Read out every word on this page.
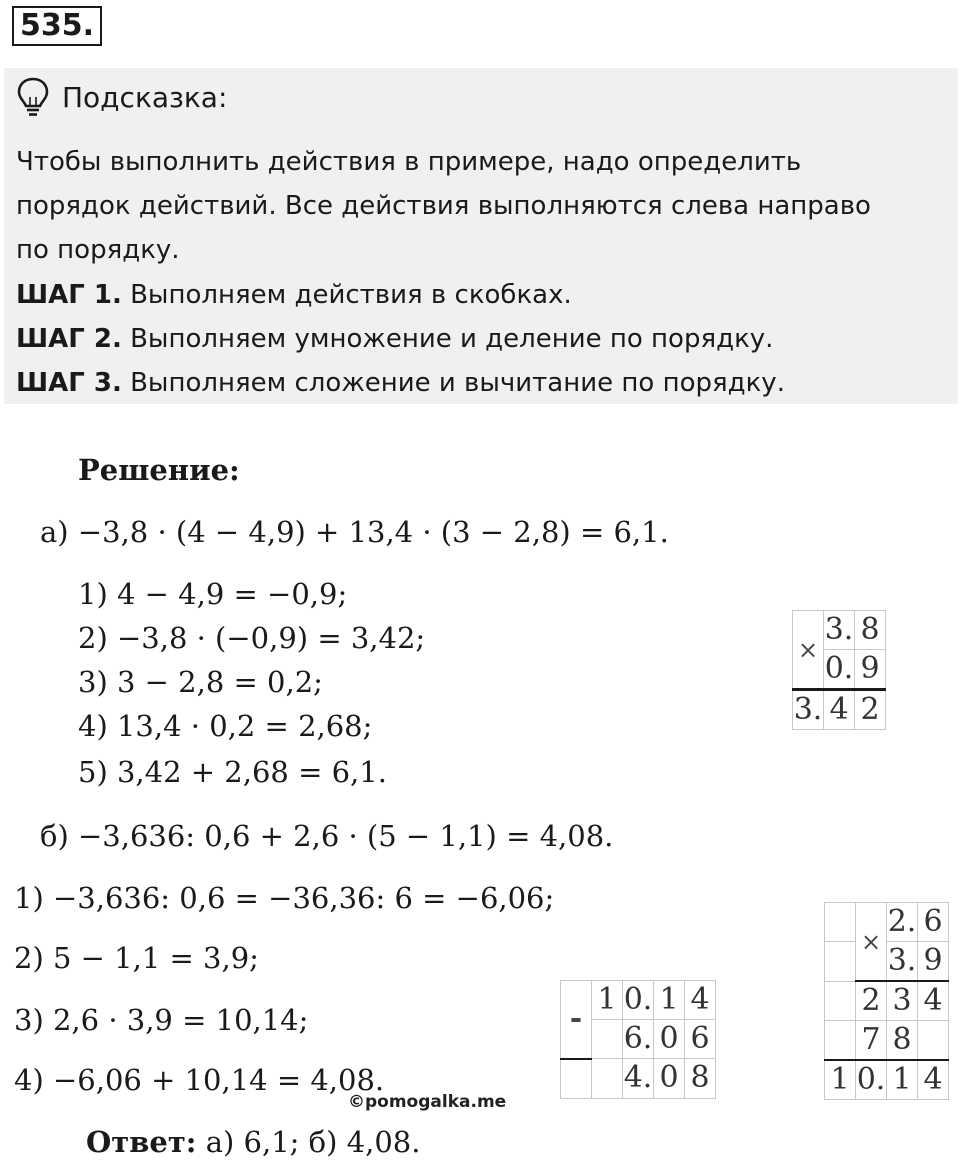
535.
Подсказка:
Чтобы выполнить действия в примере, надо определить
порядок действий. Все действия выполняются слева направо
по порядку.
ШАГ 1. Выполняем действия в скобках.
ШАГ 2. Выполняем умножение и деление по порядку.
ШАГ 3. Выполняем сложение и вычитание по порядку.
Решение:
а) −3,8 · (4 − 4,9) + 13,4 · (3 − 2,8) = 6,1.
1) 4 − 4,9 = −0,9;
2) −3,8 · (−0,9) = 3,42;
3) 3 − 2,8 = 0,2;
4) 13,4 · 0,2 = 2,68;
5) 3,42 + 2,68 = 6,1.
б) −3,636: 0,6 + 2,6 · (5 − 1,1) = 4,08.
1) −3,636: 0,6 = −36,36: 6 = −6,06;
2) 5 − 1,1 = 3,9;
3) 2,6 · 3,9 = 10,14;
4) −6,06 + 10,14 = 4,08.
Ответ: а) 6,1; б) 4,08.
©pomogalka.me
×	3.	8
	0.	9
3.	4	2
-	1	0.	1	4
		6.	0	6
		4.	0	8
	×	2.	6
		3.	9
	2	3	4
	7	8	
1	0.	1	4
